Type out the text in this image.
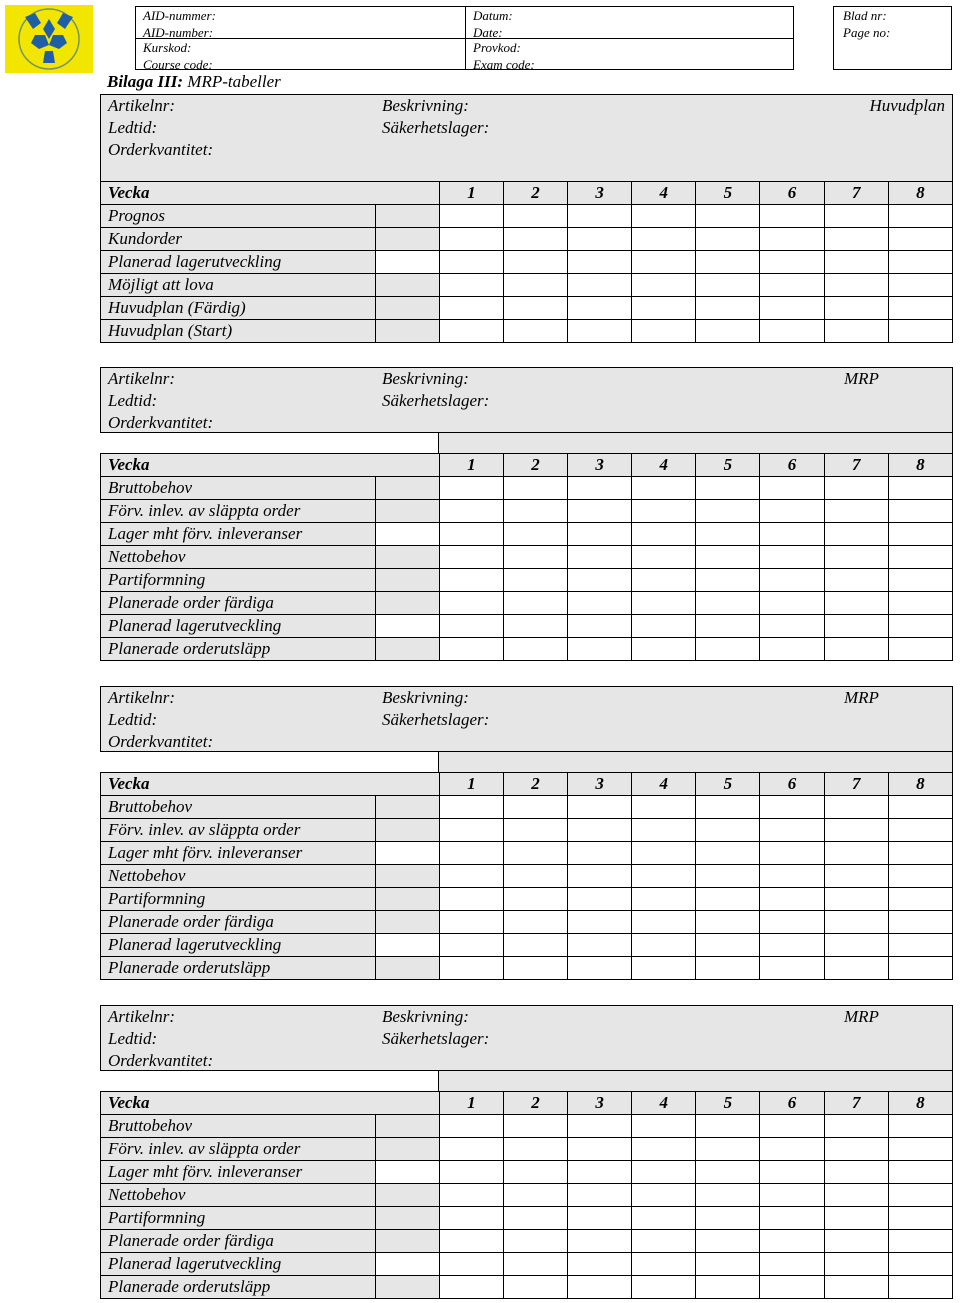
AID-nummer:
AID-number:
Kurskod:
Course code:
Datum:
Date:
Provkod:
Exam code:
Blad nr:
Page no:
Bilaga III: MRP-tabeller
Artikelnr:
Ledtid:
Orderkvantitet:
Beskrivning:
Säkerhetslager:
Huvudplan
Vecka		1	2	3	4	5	6	7	8
Prognos									
Kundorder									
Planerad lagerutveckling									
Möjligt att lova									
Huvudplan (Färdig)									
Huvudplan (Start)									
Artikelnr:
Ledtid:
Orderkvantitet:
Beskrivning:
Säkerhetslager:
MRP
Vecka		1	2	3	4	5	6	7	8
Bruttobehov									
Förv. inlev. av släppta order									
Lager mht förv. inleveranser									
Nettobehov									
Partiformning									
Planerade order färdiga									
Planerad lagerutveckling									
Planerade orderutsläpp									
Artikelnr:
Ledtid:
Orderkvantitet:
Beskrivning:
Säkerhetslager:
MRP
Vecka		1	2	3	4	5	6	7	8
Bruttobehov									
Förv. inlev. av släppta order									
Lager mht förv. inleveranser									
Nettobehov									
Partiformning									
Planerade order färdiga									
Planerad lagerutveckling									
Planerade orderutsläpp									
Artikelnr:
Ledtid:
Orderkvantitet:
Beskrivning:
Säkerhetslager:
MRP
Vecka		1	2	3	4	5	6	7	8
Bruttobehov									
Förv. inlev. av släppta order									
Lager mht förv. inleveranser									
Nettobehov									
Partiformning									
Planerade order färdiga									
Planerad lagerutveckling									
Planerade orderutsläpp									
